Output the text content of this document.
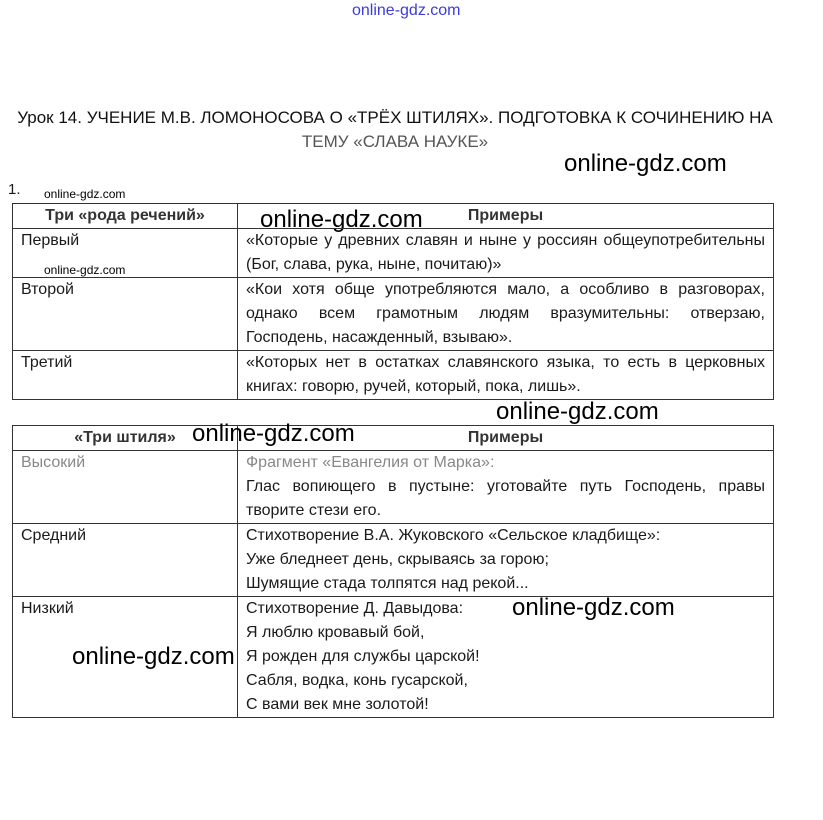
online-gdz.com
online-gdz.com
online-gdz.com
online-gdz.com
online-gdz.com
Урок 14. УЧЕНИЕ М.В. ЛОМОНОСОВА О «ТРЁХ ШТИЛЯХ». ПОДГОТОВКА К СОЧИНЕНИЮ НА
ТЕМУ «СЛАВА НАУКЕ»
1.
Три «рода речений»	Примеры
Первый	«Которые у древних славян и ныне у россиян общеупотребительны (Бог, слава, рука, ныне, почитаю)»
Второй	«Кои хотя обще употребляются мало, а особливо в разговорах, однако всем грамотным людям вразумительны: отверзаю, Господень, насажденный, взываю».
Третий	«Которых нет в остатках славянского языка, то есть в церковных книгах: говорю, ручей, который, пока, лишь».
online-gdz.com
«Три штиля»	Примеры
Высокий	Фрагмент «Евангелия от Марка»:
Глас вопиющего в пустыне: уготовайте путь Господень, правы творите стези его.

Средний	Стихотворение В.А. Жуковского «Сельское кладбище»:
Уже бледнеет день, скрываясь за горою;
Шумящие стада толпятся над рекой...

Низкий	Стихотворение Д. Давыдова:
Я люблю кровавый бой,
Я рожден для службы царской!
Сабля, водка, конь гусарской,
С вами век мне золотой!
online-gdz.com
online-gdz.com
online-gdz.com
